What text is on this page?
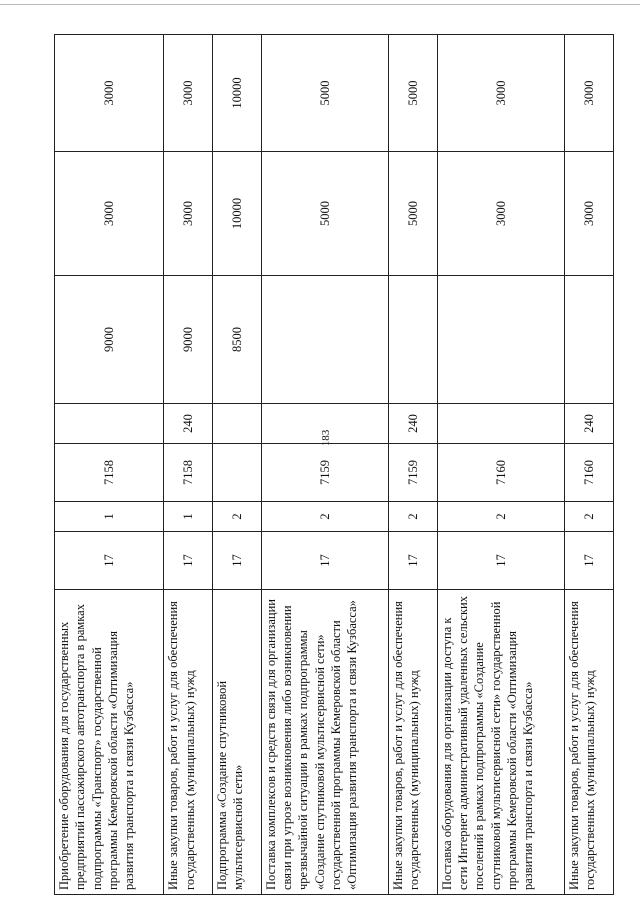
183
Приобретение оборудования для государственных предприятий пассажирского автотранспорта в рамках подпрограммы «Транспорт» государственной программы Кемеровской области «Оптимизация развития транспорта и связи Кузбасса»	17	1	7158		9000	3000	3000
Иные закупки товаров, работ и услуг для обеспечения государственных (муниципальных) нужд	17	1	7158	240	9000	3000	3000
Подпрограмма «Создание спутниковой мультисервисной сети»	17	2			8500	10000	10000
Поставка комплексов и средств связи для организации связи при угрозе возникновения либо возникновении чрезвычайной ситуации в рамках подпрограммы «Создание спутниковой мультисервисной сети» государственной программы Кемеровской области «Оптимизация развития транспорта и связи Кузбасса»	17	2	7159			5000	5000
Иные закупки товаров, работ и услуг для обеспечения государственных (муниципальных) нужд	17	2	7159	240		5000	5000
Поставка оборудования для организации доступа к сети Интернет административный удаленных сельских поселений в рамках подпрограммы «Создание спутниковой мультисервисной сети» государственной программы Кемеровской области «Оптимизация развития транспорта и связи Кузбасса»	17	2	7160			3000	3000
Иные закупки товаров, работ и услуг для обеспечения государственных (муниципальных) нужд	17	2	7160	240		3000	3000
